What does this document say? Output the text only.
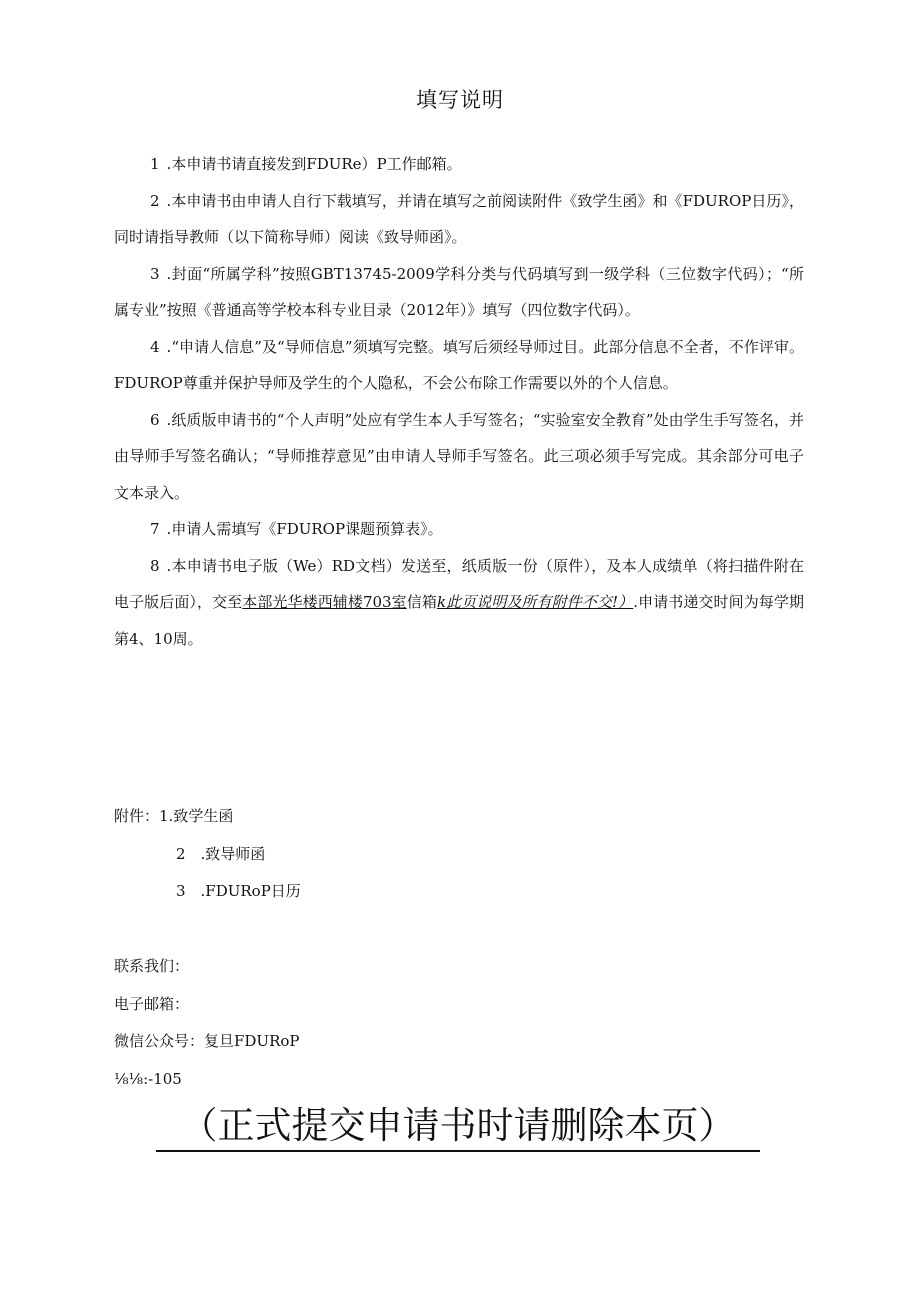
填写说明

1 .本申请书请直接发到FDURe）P工作邮箱。

2 .本申请书由申请人自行下载填写，并请在填写之前阅读附件《致学生函》和《FDUROP日历》，同时请指导教师（以下简称导师）阅读《致导师函》。

3 .封面“所属学科”按照GBT13745-2009学科分类与代码填写到一级学科（三位数字代码）；“所属专业”按照《普通高等学校本科专业目录（2012年）》填写（四位数字代码）。

4 .“申请人信息”及“导师信息”须填写完整。填写后须经导师过目。此部分信息不全者，不作评审。FDUROP尊重并保护导师及学生的个人隐私，不会公布除工作需要以外的个人信息。

6 .纸质版申请书的“个人声明”处应有学生本人手写签名；“实验室安全教育”处由学生手写签名，并由导师手写签名确认；“导师推荐意见”由申请人导师手写签名。此三项必须手写完成。其余部分可电子文本录入。

7 .申请人需填写《FDUROP课题预算表》。

8 .本申请书电子版（We）RD文档）发送至，纸质版一份（原件），及本人成绩单（将扫描件附在电子版后面），交至本部光华楼西辅楼703室信箱k此页说明及所有附件不交!）.申请书递交时间为每学期第4、10周。

附件：1.致学生函
2　.致导师函
3　.FDURoP日历
联系我们：
电子邮箱：
微信公众号：复旦FDURoP
⅛⅛:-105
（正式提交申请书时请删除本页）
